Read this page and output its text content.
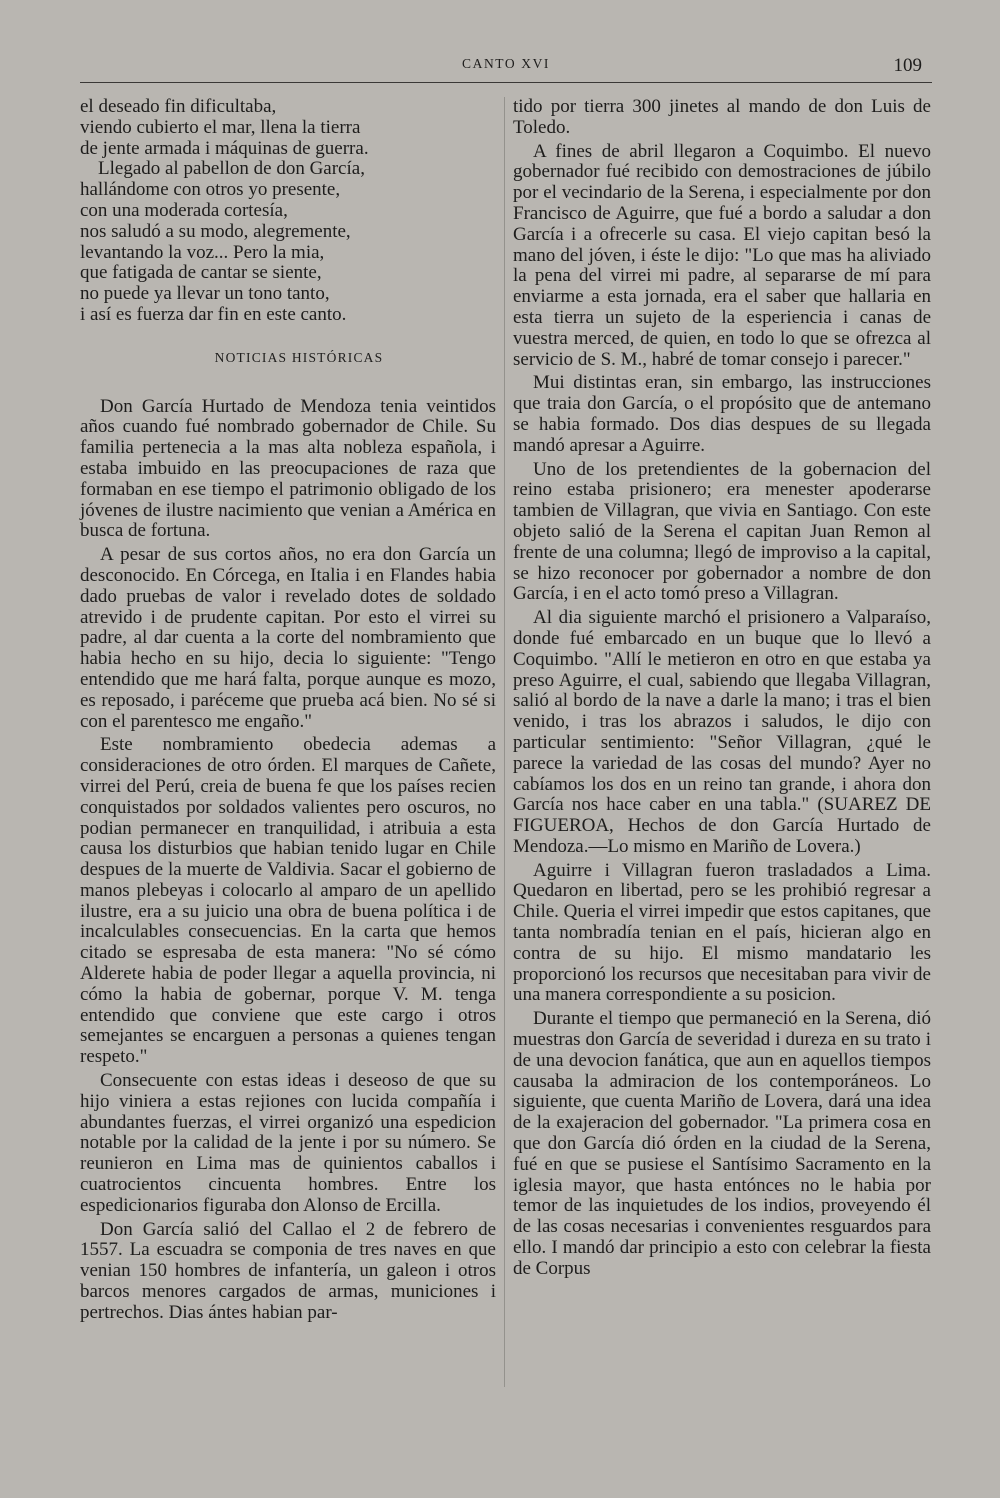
CANTO XVI	109

el deseado fin dificultaba,

viendo cubierto el mar, llena la tierra

de jente armada i máquinas de guerra.

Llegado al pabellon de don García,

hallándome con otros yo presente,

con una moderada cortesía,

nos saludó a su modo, alegremente,

levantando la voz... Pero la mia,

que fatigada de cantar se siente,

no puede ya llevar un tono tanto,

i así es fuerza dar fin en este canto.

NOTICIAS HISTÓRICAS

Don García Hurtado de Mendoza tenia veintidos años cuando fué nombrado gobernador de Chile. Su familia pertenecia a la mas alta nobleza española, i estaba imbuido en las preocupaciones de raza que formaban en ese tiempo el patrimonio obligado de los jóvenes de ilustre nacimiento que venian a América en busca de fortuna.

A pesar de sus cortos años, no era don García un desconocido. En Córcega, en Italia i en Flandes habia dado pruebas de valor i revelado dotes de soldado atrevido i de prudente capitan. Por esto el virrei su padre, al dar cuenta a la corte del nombramiento que habia hecho en su hijo, decia lo siguiente: "Tengo entendido que me hará falta, porque aunque es mozo, es reposado, i paréceme que prueba acá bien. No sé si con el parentesco me engaño."

Este nombramiento obedecia ademas a consideraciones de otro órden. El marques de Cañete, virrei del Perú, creia de buena fe que los países recien conquistados por soldados valientes pero oscuros, no podian permanecer en tranquilidad, i atribuia a esta causa los disturbios que habian tenido lugar en Chile despues de la muerte de Valdivia. Sacar el gobierno de manos plebeyas i colocarlo al amparo de un apellido ilustre, era a su juicio una obra de buena política i de incalculables consecuencias. En la carta que hemos citado se espresaba de esta manera: "No sé cómo Alderete habia de poder llegar a aquella provincia, ni cómo la habia de gobernar, porque V. M. tenga entendido que conviene que este cargo i otros semejantes se encarguen a personas a quienes tengan respeto."

Consecuente con estas ideas i deseoso de que su hijo viniera a estas rejiones con lucida compañía i abundantes fuerzas, el virrei organizó una espedicion notable por la calidad de la jente i por su número. Se reunieron en Lima mas de quinientos caballos i cuatrocientos cincuenta hombres. Entre los espedicionarios figuraba don Alonso de Ercilla.

Don García salió del Callao el 2 de febrero de 1557. La escuadra se componia de tres naves en que venian 150 hombres de infantería, un galeon i otros barcos menores cargados de armas, municiones i pertrechos. Dias ántes habian par-

tido por tierra 300 jinetes al mando de don Luis de Toledo.

A fines de abril llegaron a Coquimbo. El nuevo gobernador fué recibido con demostraciones de júbilo por el vecindario de la Serena, i especialmente por don Francisco de Aguirre, que fué a bordo a saludar a don García i a ofrecerle su casa. El viejo capitan besó la mano del jóven, i éste le dijo: "Lo que mas ha aliviado la pena del virrei mi padre, al separarse de mí para enviarme a esta jornada, era el saber que hallaria en esta tierra un sujeto de la esperiencia i canas de vuestra merced, de quien, en todo lo que se ofrezca al servicio de S. M., habré de tomar consejo i parecer."

Mui distintas eran, sin embargo, las instrucciones que traia don García, o el propósito que de antemano se habia formado. Dos dias despues de su llegada mandó apresar a Aguirre.

Uno de los pretendientes de la gobernacion del reino estaba prisionero; era menester apoderarse tambien de Villagran, que vivia en Santiago. Con este objeto salió de la Serena el capitan Juan Remon al frente de una columna; llegó de improviso a la capital, se hizo reconocer por gobernador a nombre de don García, i en el acto tomó preso a Villagran.

Al dia siguiente marchó el prisionero a Valparaíso, donde fué embarcado en un buque que lo llevó a Coquimbo. "Allí le metieron en otro en que estaba ya preso Aguirre, el cual, sabiendo que llegaba Villagran, salió al bordo de la nave a darle la mano; i tras el bien venido, i tras los abrazos i saludos, le dijo con particular sentimiento: "Señor Villagran, ¿qué le parece la variedad de las cosas del mundo? Ayer no cabíamos los dos en un reino tan grande, i ahora don García nos hace caber en una tabla." (SUAREZ DE FIGUEROA, Hechos de don García Hurtado de Mendoza.—Lo mismo en Mariño de Lovera.)

Aguirre i Villagran fueron trasladados a Lima. Quedaron en libertad, pero se les prohibió regresar a Chile. Queria el virrei impedir que estos capitanes, que tanta nombradía tenian en el país, hicieran algo en contra de su hijo. El mismo mandatario les proporcionó los recursos que necesitaban para vivir de una manera correspondiente a su posicion.

Durante el tiempo que permaneció en la Serena, dió muestras don García de severidad i dureza en su trato i de una devocion fanática, que aun en aquellos tiempos causaba la admiracion de los contemporáneos. Lo siguiente, que cuenta Mariño de Lovera, dará una idea de la exajeracion del gobernador. "La primera cosa en que don García dió órden en la ciudad de la Serena, fué en que se pusiese el Santísimo Sacramento en la iglesia mayor, que hasta entónces no le habia por temor de las inquietudes de los indios, proveyendo él de las cosas necesarias i convenientes resguardos para ello. I mandó dar principio a esto con celebrar la fiesta de Corpus
